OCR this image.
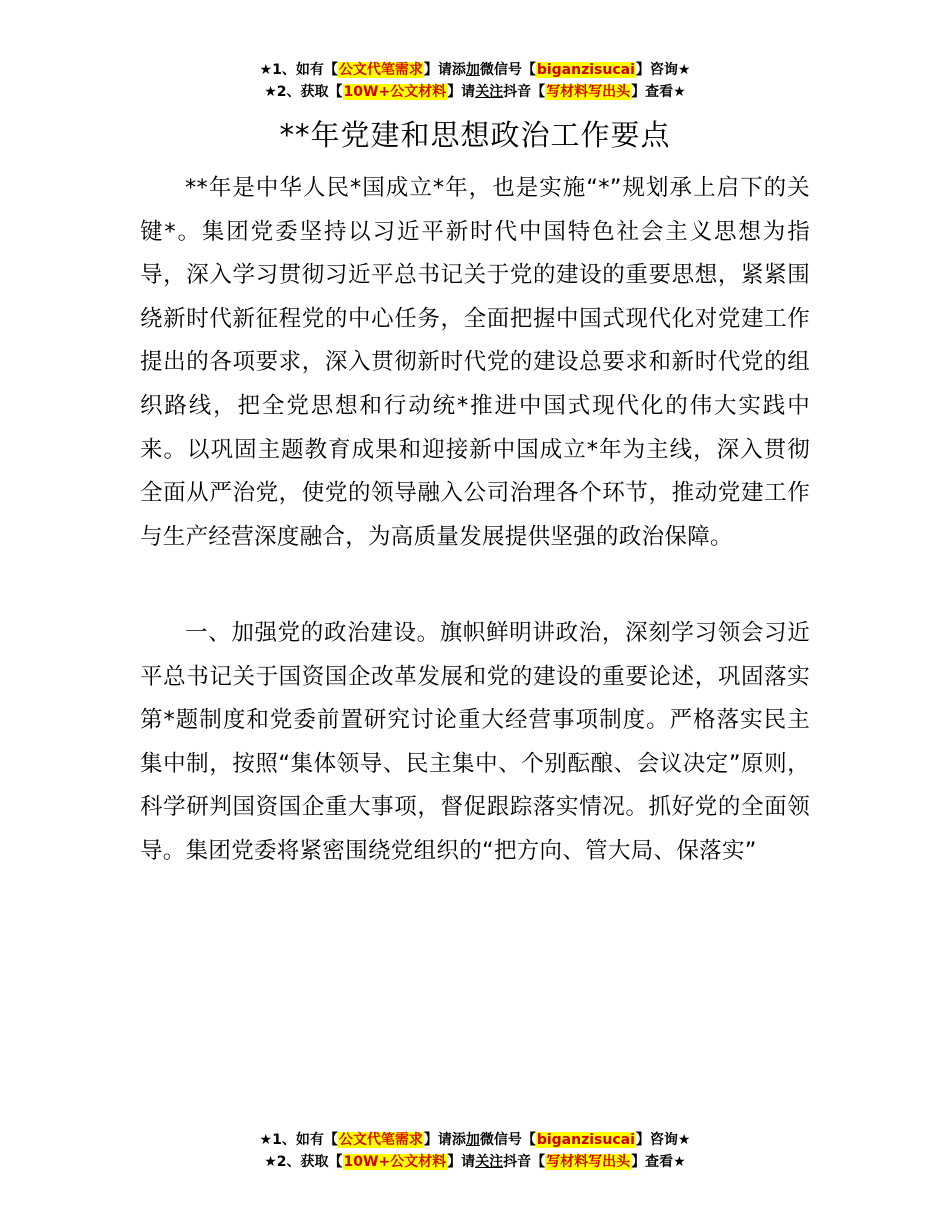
★1、如有【公文代笔需求】请添加微信号【biganzisucai】咨询★
★2、获取【10W+公文材料】请关注抖音【写材料写出头】查看★
**年党建和思想政治工作要点

**年是中华人民*国成立*年，也是实施“*”规划承上启下的关键*。集团党委坚持以习近平新时代中国特色社会主义思想为指导，深入学习贯彻习近平总书记关于党的建设的重要思想，紧紧围绕新时代新征程党的中心任务，全面把握中国式现代化对党建工作提出的各项要求，深入贯彻新时代党的建设总要求和新时代党的组织路线，把全党思想和行动统*推进中国式现代化的伟大实践中来。以巩固主题教育成果和迎接新中国成立*年为主线，深入贯彻全面从严治党，使党的领导融入公司治理各个环节，推动党建工作与生产经营深度融合，为高质量发展提供坚强的政治保障。

一、加强党的政治建设。旗帜鲜明讲政治，深刻学习领会习近平总书记关于国资国企改革发展和党的建设的重要论述，巩固落实第*题制度和党委前置研究讨论重大经营事项制度。严格落实民主集中制，按照“集体领导、民主集中、个别酝酿、会议决定”原则，科学研判国资国企重大事项，督促跟踪落实情况。抓好党的全面领导。集团党委将紧密围绕党组织的“把方向、管大局、保落实”

★1、如有【公文代笔需求】请添加微信号【biganzisucai】咨询★
★2、获取【10W+公文材料】请关注抖音【写材料写出头】查看★
